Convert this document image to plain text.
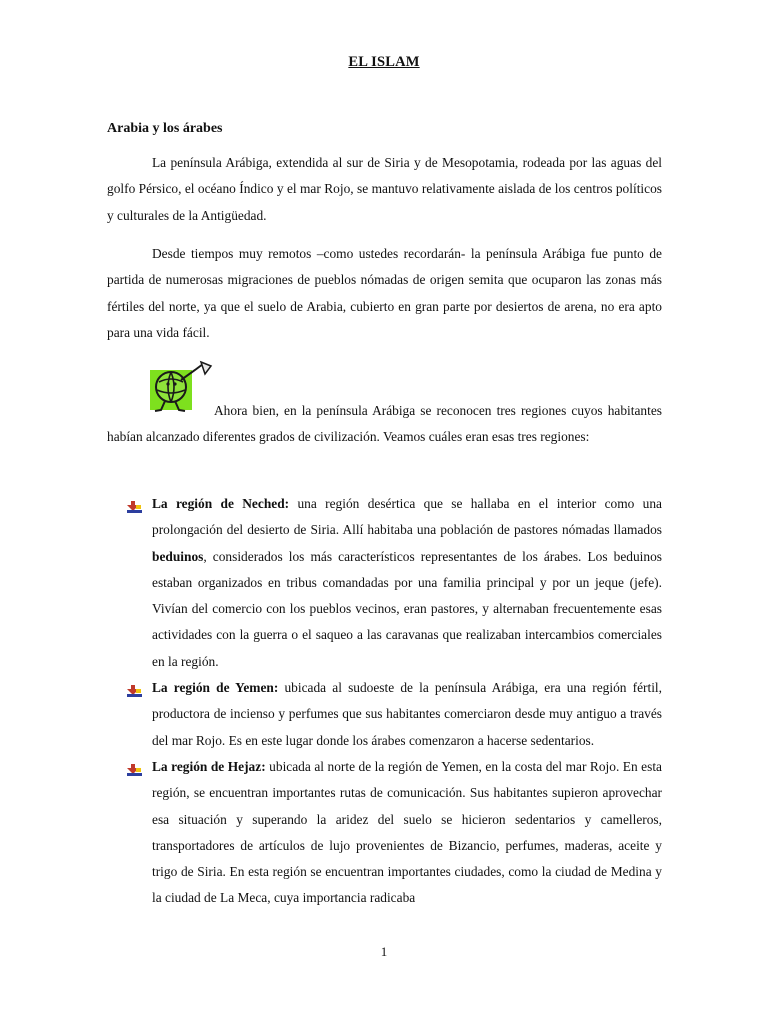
EL ISLAM
Arabia y los árabes

La península Arábiga, extendida al sur de Siria y de Mesopotamia, rodeada por las aguas del golfo Pérsico, el océano Índico y el mar Rojo, se mantuvo relativamente aislada de los centros políticos y culturales de la Antigüedad.

Desde tiempos muy remotos –como ustedes recordarán- la península Arábiga fue punto de partida de numerosas migraciones de pueblos nómadas de origen semita que ocuparon las zonas más fértiles del norte, ya que el suelo de Arabia, cubierto en gran parte por desiertos de arena, no era apto para una vida fácil.

Ahora bien, en la península Arábiga se reconocen tres regiones cuyos habitantes habían alcanzado diferentes grados de civilización. Veamos cuáles eran esas tres regiones:

La región de Neched: una región desértica que se hallaba en el interior como una prolongación del desierto de Siria. Allí habitaba una población de pastores nómadas llamados beduinos, considerados los más característicos representantes de los árabes. Los beduinos estaban organizados en tribus comandadas por una familia principal y por un jeque (jefe). Vivían del comercio con los pueblos vecinos, eran pastores, y alternaban frecuentemente esas actividades con la guerra o el saqueo a las caravanas que realizaban intercambios comerciales en la región.
La región de Yemen: ubicada al sudoeste de la península Arábiga, era una región fértil, productora de incienso y perfumes que sus habitantes comerciaron desde muy antiguo a través del mar Rojo. Es en este lugar donde los árabes comenzaron a hacerse sedentarios.
La región de Hejaz: ubicada al norte de la región de Yemen, en la costa del mar Rojo. En esta región, se encuentran importantes rutas de comunicación. Sus habitantes supieron aprovechar esa situación y superando la aridez del suelo se hicieron sedentarios y camelleros, transportadores de artículos de lujo provenientes de Bizancio, perfumes, maderas, aceite y trigo de Siria. En esta región se encuentran importantes ciudades, como la ciudad de Medina y la ciudad de La Meca, cuya importancia radicaba
1
